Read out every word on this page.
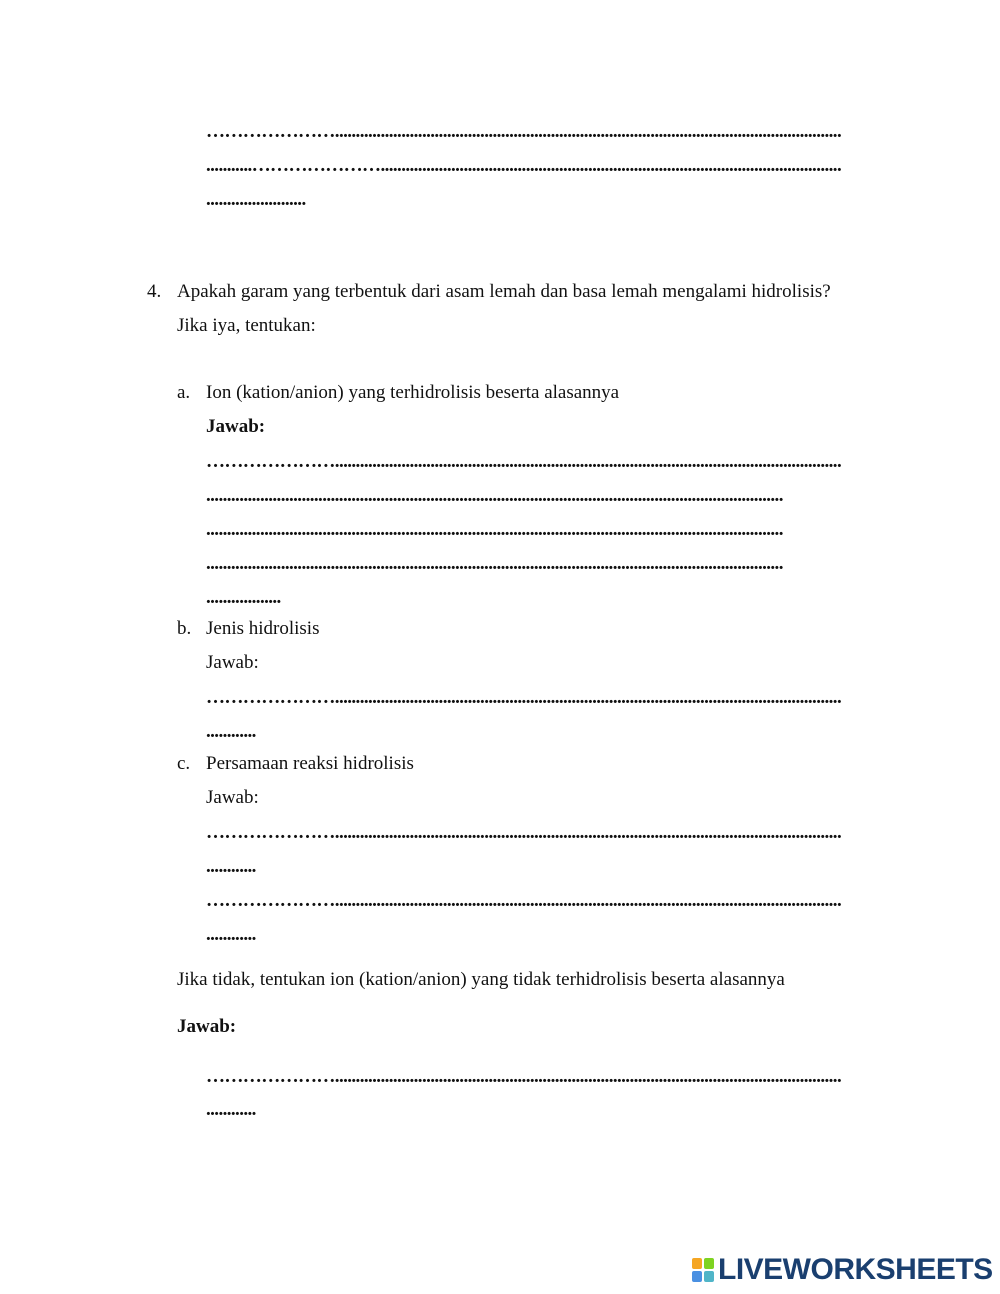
…………………..........................................................................................................................
...........…………………...............................................................................................................
........................
4. Apakah garam yang terbentuk dari asam lemah dan basa lemah mengalami hidrolisis?
Jika iya, tentukan:
a. Ion (kation/anion) yang terhidrolisis beserta alasannya
Jawab:
…………………..........................................................................................................................
...........................................................................................................................................
...........................................................................................................................................
...........................................................................................................................................
..................
b. Jenis hidrolisis
Jawab:
…………………..........................................................................................................................
............
c. Persamaan reaksi hidrolisis
Jawab:
…………………..........................................................................................................................
............
…………………..........................................................................................................................
............
Jika tidak, tentukan ion (kation/anion) yang tidak terhidrolisis beserta alasannya
Jawab:
…………………..........................................................................................................................
............
LIVEWORKSHEETS
